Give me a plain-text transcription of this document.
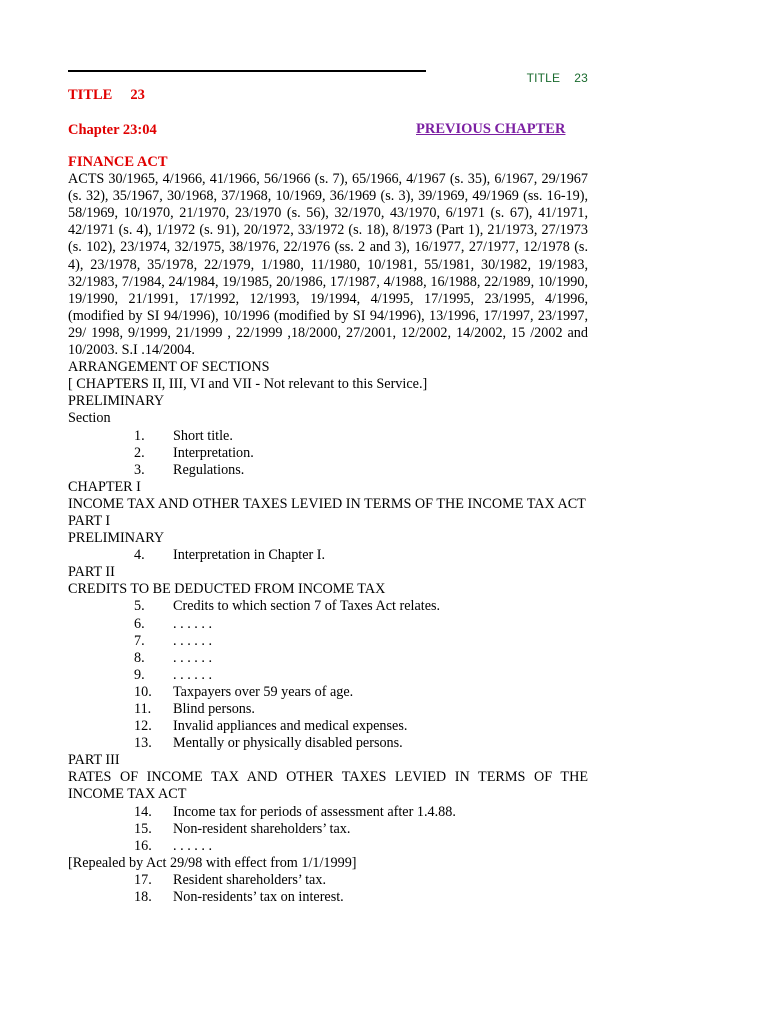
TITLE 23
TITLE 23
Chapter 23:04	PREVIOUS CHAPTER

FINANCE ACT

ACTS 30/1965, 4/1966, 41/1966, 56/1966 (s. 7), 65/1966, 4/1967 (s. 35), 6/1967, 29/1967 (s. 32), 35/1967, 30/1968, 37/1968, 10/1969, 36/1969 (s. 3), 39/1969, 49/1969 (ss. 16-19), 58/1969, 10/1970, 21/1970, 23/1970 (s. 56), 32/1970, 43/1970, 6/1971 (s. 67), 41/1971, 42/1971 (s. 4), 1/1972 (s. 91), 20/1972, 33/1972 (s. 18), 8/1973 (Part 1), 21/1973, 27/1973 (s. 102), 23/1974, 32/1975, 38/1976, 22/1976 (ss. 2 and 3), 16/1977, 27/1977, 12/1978 (s. 4), 23/1978, 35/1978, 22/1979, 1/1980, 11/1980, 10/1981, 55/1981, 30/1982, 19/1983, 32/1983, 7/1984, 24/1984, 19/1985, 20/1986, 17/1987, 4/1988, 16/1988, 22/1989, 10/1990, 19/1990, 21/1991, 17/1992, 12/1993, 19/1994, 4/1995, 17/1995, 23/1995, 4/1996, (modified by SI 94/1996), 10/1996 (modified by SI 94/1996), 13/1996, 17/1997, 23/1997, 29/ 1998, 9/1999, 21/1999 , 22/1999 ,18/2000, 27/2001, 12/2002, 14/2002, 15 /2002 and 10/2003. S.I .14/2004.

ARRANGEMENT OF SECTIONS

[ CHAPTERS II, III, VI and VII - Not relevant to this Service.]

PRELIMINARY

Section

1. Short title.

2. Interpretation.

3. Regulations.

CHAPTER I

INCOME TAX AND OTHER TAXES LEVIED IN TERMS OF THE INCOME TAX ACT

PART I

PRELIMINARY

4. Interpretation in Chapter I.

PART II

CREDITS TO BE DEDUCTED FROM INCOME TAX

5. Credits to which section 7 of Taxes Act relates.

6. . . . . . .

7. . . . . . .

8. . . . . . .

9. . . . . . .

10. Taxpayers over 59 years of age.

11. Blind persons.

12. Invalid appliances and medical expenses.

13. Mentally or physically disabled persons.

PART III

RATES OF INCOME TAX AND OTHER TAXES LEVIED IN TERMS OF THE INCOME TAX ACT

14. Income tax for periods of assessment after 1.4.88.

15. Non-resident shareholders’ tax.

16. . . . . . .

[Repealed by Act 29/98 with effect from 1/1/1999]

17. Resident shareholders’ tax.

18. Non-residents’ tax on interest.
